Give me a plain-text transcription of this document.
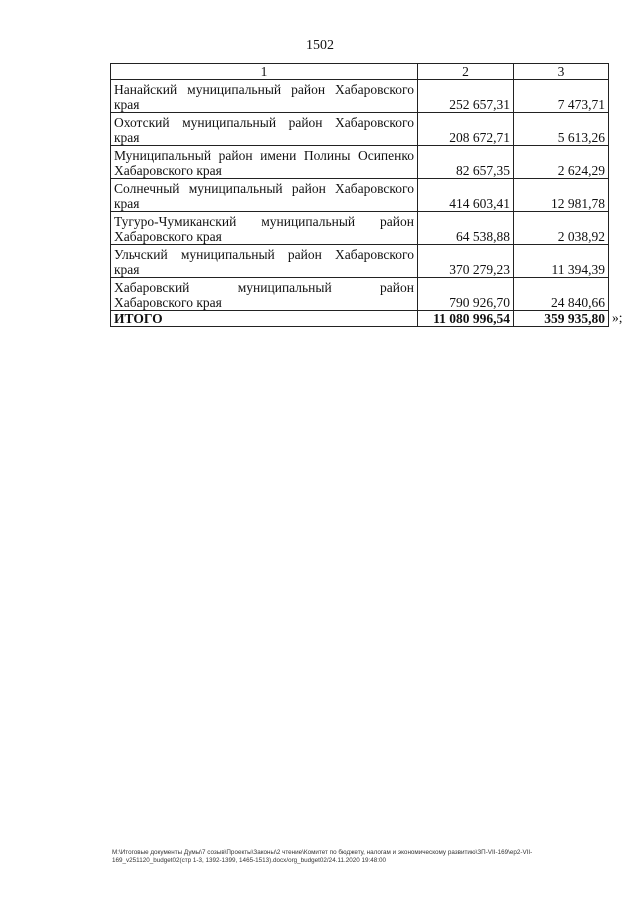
1502
1	2	3

Нанайский муниципальный район Хабаровского
края	252 657,31	7 473,71

Охотский муниципальный район Хабаровского
края	208 672,71	5 613,26

Муниципальный район имени Полины Осипенко
Хабаровского края	82 657,35	2 624,29

Солнечный муниципальный район Хабаровского
края	414 603,41	12 981,78

Тугуро-Чумиканский муниципальный район
Хабаровского края	64 538,88	2 038,92

Ульчский муниципальный район Хабаровского
края	370 279,23	11 394,39

Хабаровский муниципальный район
Хабаровского края	790 926,70	24 840,66
ИТОГО	11 080 996,54	359 935,80 »;
M:\Итоговые документы Думы\7 созыв\Проекты\Законы\2 чтение\Комитет по бюджету, налогам и экономическому развитию\ЗП-VII-169\ер2-VII-169_v251120_budget02(стр 1-3, 1392-1399, 1465-1513).docx/org_budget02/24.11.2020 19:48:00
